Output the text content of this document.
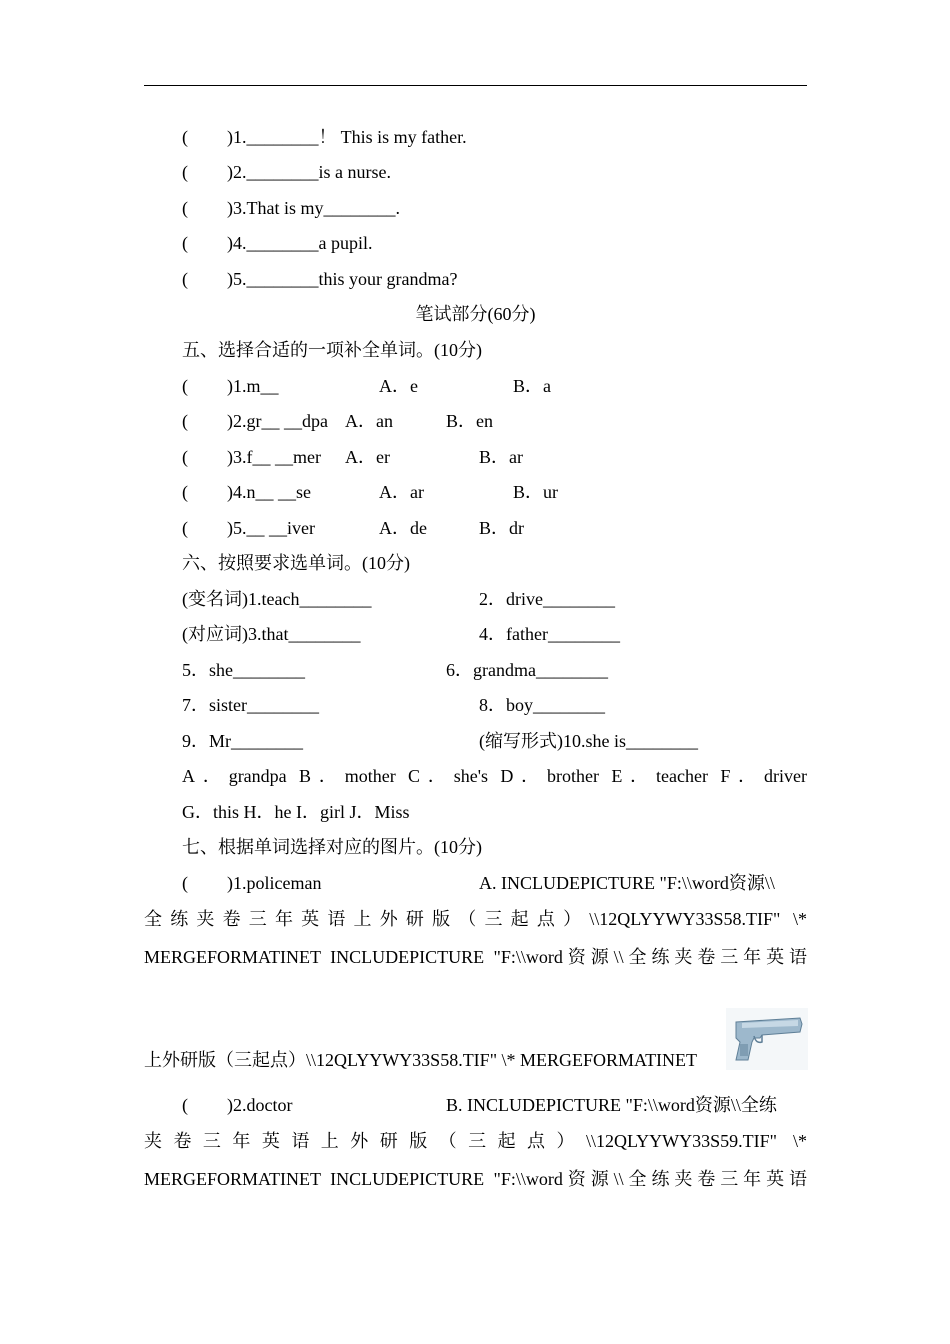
( )1.________！ This is my father.
( )2.________is a nurse.
( )3.That is my________.
( )4.________a pupil.
( )5.________this your grandma?
笔试部分(60分)
五、选择合适的一项补全单词。(10分)
( )1.m__	A．e	B．a
( )2.gr__ __dpa A．an	B．en
( )3.f__ __mer A．er	B．ar
( )4.n__ __se	A．ar	B．ur
( )5.__ __iver	A．de	B．dr
六、按照要求选单词。(10分)
(变名词)1.teach________	2．drive________
(对应词)3.that________	4．father________
5．she________	6．grandma________
7．sister________	8．boy________
9．Mr________	(缩写形式)10.she is________
A．grandpa B．mother C．she's D．brother E．teacher F．driver
G．this H．he I．girl J．Miss
七、根据单词选择对应的图片。(10分)
( )1.policeman	A. INCLUDEPICTURE "F:\\word资源\\
全练夹卷三年英语上外研版（三起点）\\12QLYYWY33S58.TIF" \*
MERGEFORMATINET INCLUDEPICTURE "F:\\word资源\\全练夹卷三年英语
上外研版（三起点）\\12QLYYWY33S58.TIF" \* MERGEFORMATINET
( )2.doctor	B. INCLUDEPICTURE "F:\\word资源\\全练
夹卷三年英语上外研版（三起点）\\12QLYYWY33S59.TIF" \*
MERGEFORMATINET INCLUDEPICTURE "F:\\word资源\\全练夹卷三年英语
